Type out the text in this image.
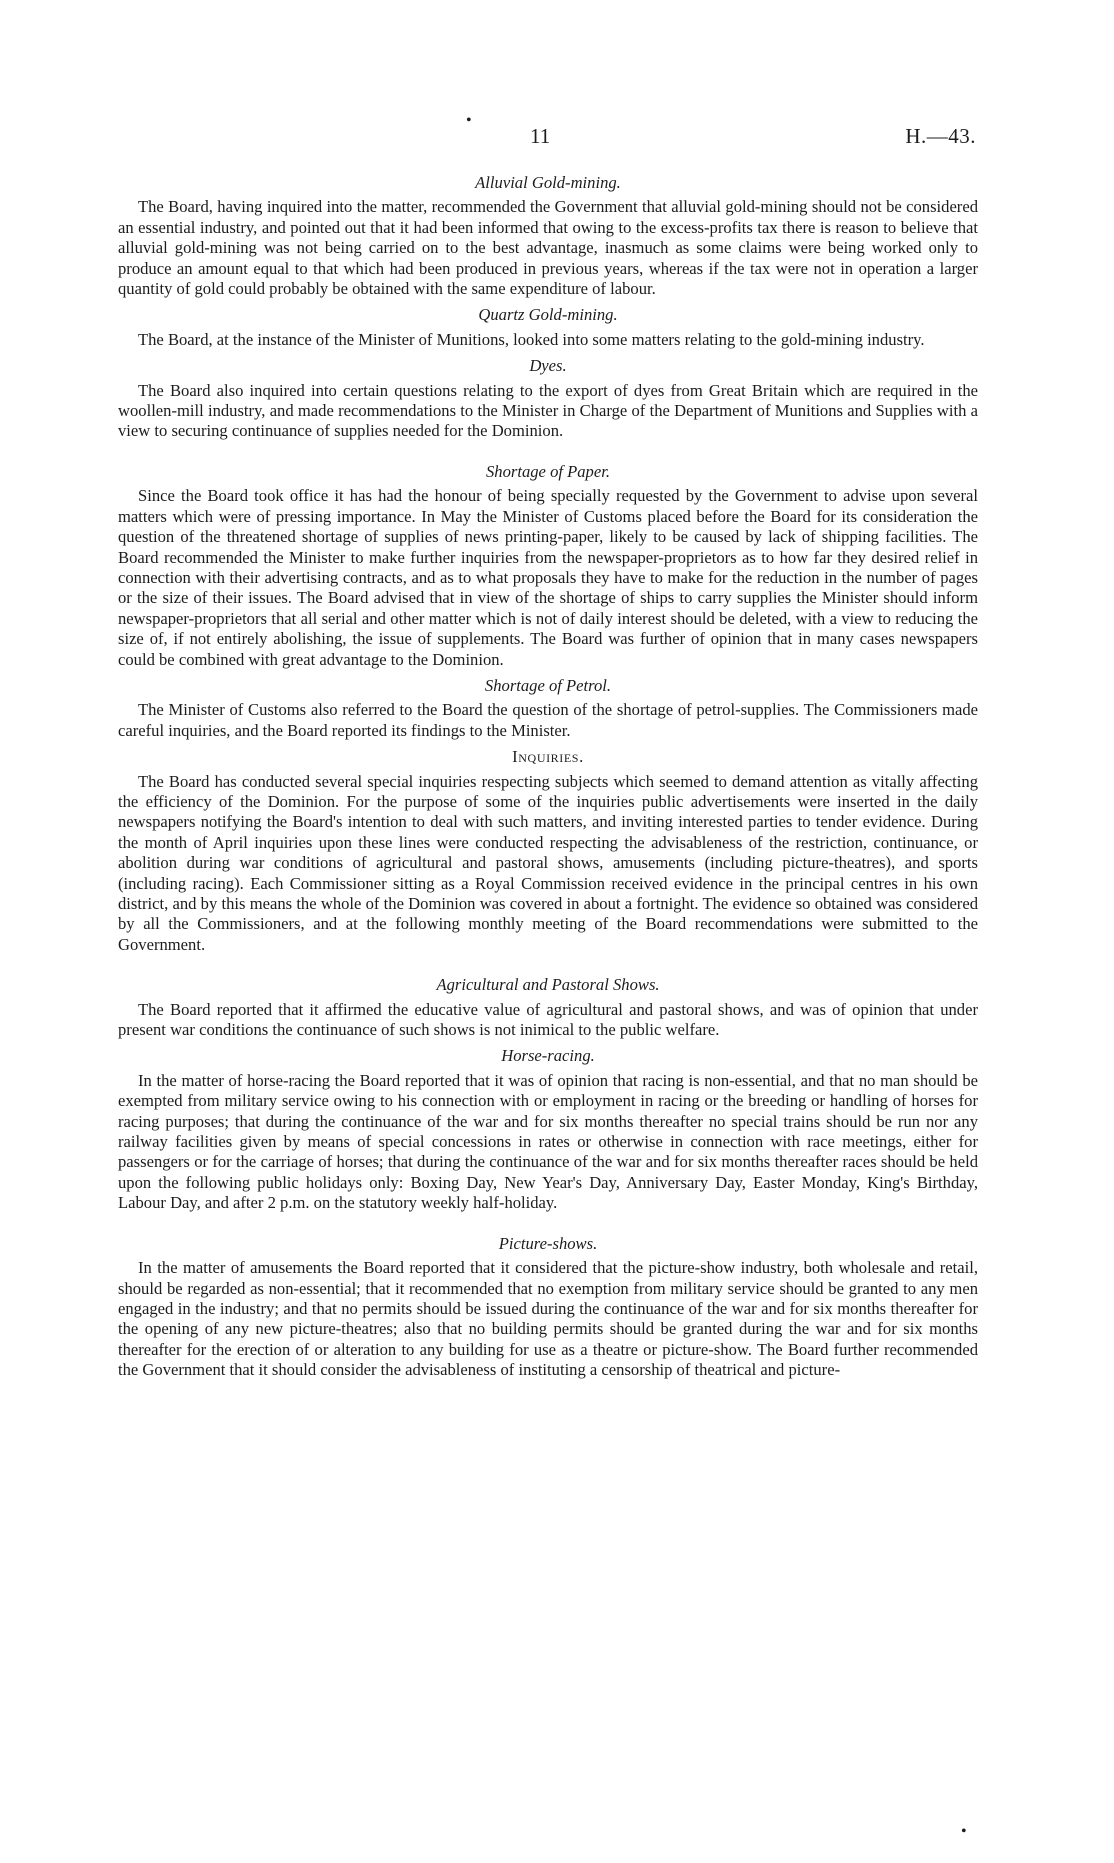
•
11	H.—43.

Alluvial Gold-mining.

The Board, having inquired into the matter, recommended the Government that alluvial gold-mining should not be considered an essential industry, and pointed out that it had been informed that owing to the excess-profits tax there is reason to believe that alluvial gold-mining was not being carried on to the best advantage, inasmuch as some claims were being worked only to produce an amount equal to that which had been produced in previous years, whereas if the tax were not in operation a larger quantity of gold could probably be obtained with the same expenditure of labour.

Quartz Gold-mining.

The Board, at the instance of the Minister of Munitions, looked into some matters relating to the gold-mining industry.

Dyes.

The Board also inquired into certain questions relating to the export of dyes from Great Britain which are required in the woollen-mill industry, and made recommendations to the Minister in Charge of the Department of Munitions and Supplies with a view to securing continuance of supplies needed for the Dominion.

Shortage of Paper.

Since the Board took office it has had the honour of being specially requested by the Government to advise upon several matters which were of pressing importance. In May the Minister of Customs placed before the Board for its consideration the question of the threatened shortage of supplies of news printing-paper, likely to be caused by lack of shipping facilities. The Board recommended the Minister to make further inquiries from the newspaper-proprietors as to how far they desired relief in connection with their advertising contracts, and as to what proposals they have to make for the reduction in the number of pages or the size of their issues. The Board advised that in view of the shortage of ships to carry supplies the Minister should inform newspaper-proprietors that all serial and other matter which is not of daily interest should be deleted, with a view to reducing the size of, if not entirely abolishing, the issue of supplements. The Board was further of opinion that in many cases newspapers could be combined with great advantage to the Dominion.

Shortage of Petrol.

The Minister of Customs also referred to the Board the question of the shortage of petrol-supplies. The Commissioners made careful inquiries, and the Board reported its findings to the Minister.

Inquiries.

The Board has conducted several special inquiries respecting subjects which seemed to demand attention as vitally affecting the efficiency of the Dominion. For the purpose of some of the inquiries public advertisements were inserted in the daily newspapers notifying the Board's intention to deal with such matters, and inviting interested parties to tender evidence. During the month of April inquiries upon these lines were conducted respecting the advisableness of the restriction, continuance, or abolition during war conditions of agricultural and pastoral shows, amusements (including picture-theatres), and sports (including racing). Each Commissioner sitting as a Royal Commission received evidence in the principal centres in his own district, and by this means the whole of the Dominion was covered in about a fortnight. The evidence so obtained was considered by all the Commissioners, and at the following monthly meeting of the Board recommendations were submitted to the Government.

Agricultural and Pastoral Shows.

The Board reported that it affirmed the educative value of agricultural and pastoral shows, and was of opinion that under present war conditions the continuance of such shows is not inimical to the public welfare.

Horse-racing.

In the matter of horse-racing the Board reported that it was of opinion that racing is non-essential, and that no man should be exempted from military service owing to his connection with or employment in racing or the breeding or handling of horses for racing purposes; that during the continuance of the war and for six months thereafter no special trains should be run nor any railway facilities given by means of special concessions in rates or otherwise in connection with race meetings, either for passengers or for the carriage of horses; that during the continuance of the war and for six months thereafter races should be held upon the following public holidays only: Boxing Day, New Year's Day, Anniversary Day, Easter Monday, King's Birthday, Labour Day, and after 2 p.m. on the statutory weekly half-holiday.

Picture-shows.

In the matter of amusements the Board reported that it considered that the picture-show industry, both wholesale and retail, should be regarded as non-essential; that it recommended that no exemption from military service should be granted to any men engaged in the industry; and that no permits should be issued during the continuance of the war and for six months thereafter for the opening of any new picture-theatres; also that no building permits should be granted during the war and for six months thereafter for the erection of or alteration to any building for use as a theatre or picture-show. The Board further recommended the Government that it should consider the advisableness of instituting a censorship of theatrical and picture-

•
